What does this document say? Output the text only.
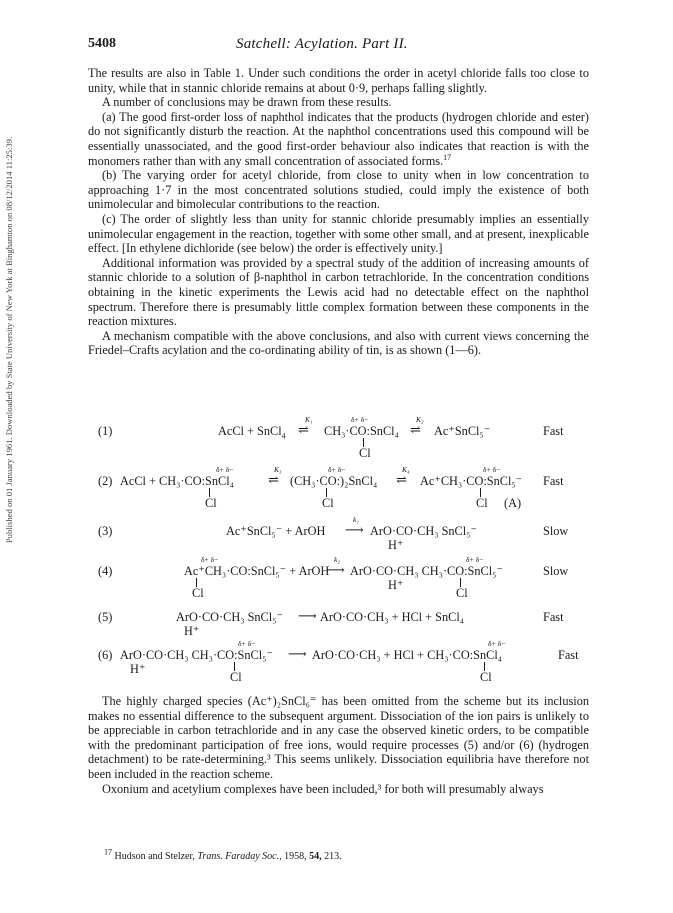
Published on 01 January 1961. Downloaded by State University of New York at Binghamton on 08/12/2014 11:25:39.
5408	Satchell: Acylation. Part II.

The results are also in Table 1. Under such conditions the order in acetyl chloride falls too close to unity, while that in stannic chloride remains at about 0·9, perhaps falling slightly.

A number of conclusions may be drawn from these results.

(a) The good first-order loss of naphthol indicates that the products (hydrogen chloride and ester) do not significantly disturb the reaction. At the naphthol concentrations used this compound will be essentially unassociated, and the good first-order behaviour also indicates that reaction is with the monomers rather than with any small concentration of associated forms.$^{17}$

(b) The varying order for acetyl chloride, from close to unity when in low concentration to approaching 1·7 in the most concentrated solutions studied, could imply the existence of both unimolecular and bimolecular contributions to the reaction.

(c) The order of slightly less than unity for stannic chloride presumably implies an essentially unimolecular engagement in the reaction, together with some other small, and at present, inexplicable effect. [In ethylene dichloride (see below) the order is effectively unity.]

Additional information was provided by a spectral study of the addition of increasing amounts of stannic chloride to a solution of β-naphthol in carbon tetrachloride. In the concentration conditions obtaining in the kinetic experiments the Lewis acid had no detectable effect on the naphthol spectrum. Therefore there is presumably little complex formation between these components in the reaction mixtures.

A mechanism compatible with the above conclusions, and also with current views concerning the Friedel–Crafts acylation and the co-ordinating ability of tin, is as shown (1—6).

(1)	AcCl + SnCl$_4$
K₁
⇌
δ+ δ−
CH₃·CO:SnCl₄
K₂
⇌ Ac⁺SnCl₅⁻
Cl
Fast
(2) AcCl + CH₃·CO:SnCl₄
δ+ δ−	K₃
⇌
δ+ δ−
(CH₃·CO:)₂SnCl₄
K₄
⇌
δ+ δ−
Ac⁺CH₃·CO:SnCl₅⁻
Cl	Cl	Cl (A)
Fast
(3)	Ac⁺SnCl₅⁻ + ArOH
k₁
⟶ ArO·CO·CH₃ SnCl₅⁻
H⁺
Slow
(4)
δ+ δ−
Ac⁺CH₃·CO:SnCl₅⁻ + ArOH
k₂
⟶
δ+ δ−
ArO·CO·CH₃ CH₃·CO:SnCl₅⁻
Cl
H⁺
Cl
Slow
(5)	ArO·CO·CH₃ SnCl₅⁻ ⟶ ArO·CO·CH₃ + HCl + SnCl₄
H⁺
Fast
(6) ArO·CO·CH₃ CH₃·CO:SnCl₅⁻
δ+ δ−
⟶ ArO·CO·CH₃ + HCl + CH₃·CO:SnCl₄
δ+ δ−
H⁺
Cl	Cl
Fast

The highly charged species (Ac⁺)₂SnCl₆⁼ has been omitted from the scheme but its inclusion makes no essential difference to the subsequent argument. Dissociation of the ion pairs is unlikely to be appreciable in carbon tetrachloride and in any case the observed kinetic orders, to be compatible with the predominant participation of free ions, would require processes (5) and/or (6) (hydrogen detachment) to be rate-determining.³ This seems unlikely. Dissociation equilibria have therefore not been included in the reaction scheme.

Oxonium and acetylium complexes have been included,³ for both will presumably always

$^{17}$ Hudson and Stelzer, Trans. Faraday Soc., 1958, 54, 213.
